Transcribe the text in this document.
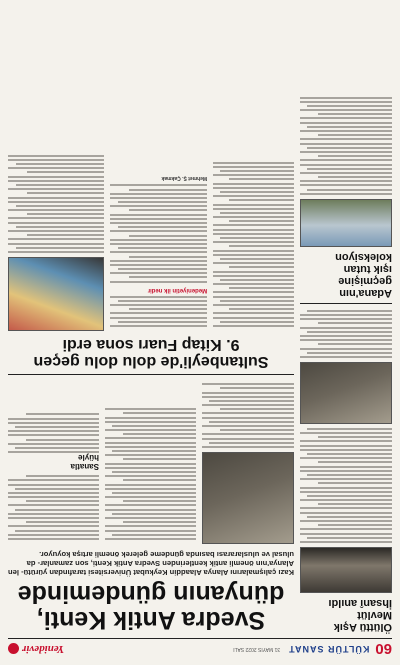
60
KÜLTÜR SANAT
31 MAYIS 2022 SALI
Yenidevir
Ölüttü Aşık Mevlüt
İhsanî anıldı
Adana'nın geçmişine
ışık tutan koleksiyon
Svedra Antik Kenti,
dünyanın gündeminde
Kazı çalışmalarını Alanya Alaaddin Keykubat Üniversitesi tarafından yürütü- len Alanya'nın önemli antik kentlerinden Svedra Antik Kenti, son zamanlar- da ulusal ve uluslararası basında gündeme gelerek önemli artışa koyuyor.
Sanatla
hüyle
Sultanbeyli'de dolu dolu geçen
9. Kitap Fuarı sona erdi
Medeniyetin ilk nedir
Mehmet Ş. Çakmak
